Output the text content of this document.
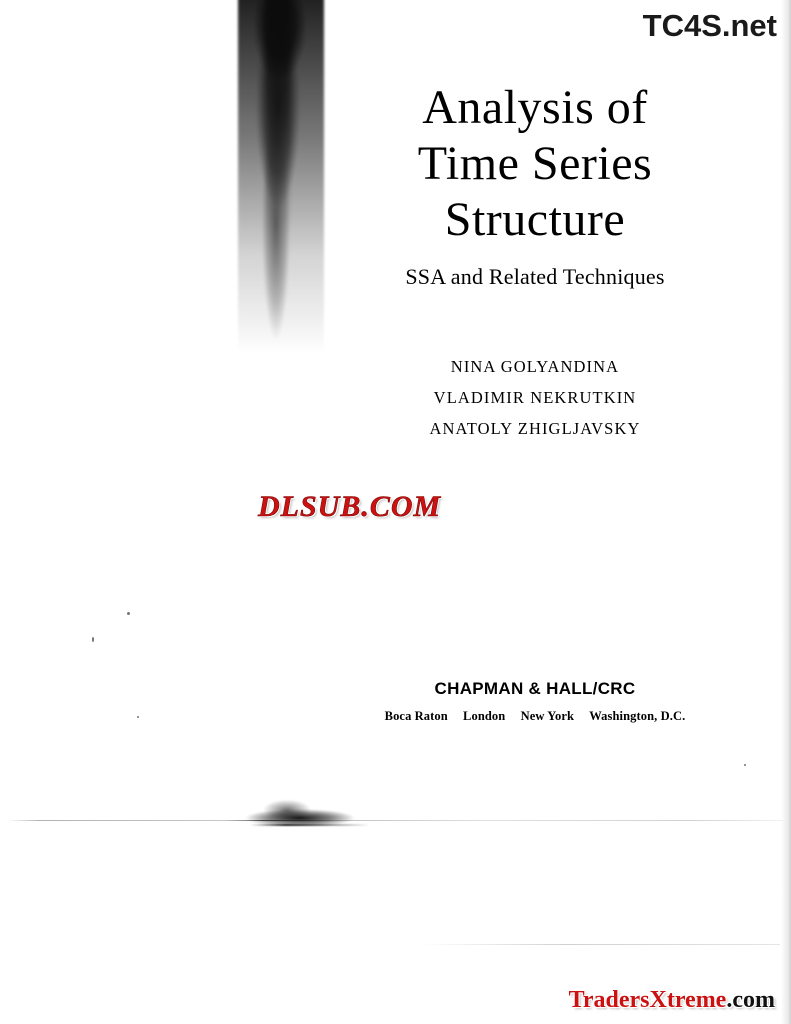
Analysis of
Time Series
Structure
SSA and Related Techniques
NINA GOLYANDINA
VLADIMIR NEKRUTKIN
ANATOLY ZHIGLJAVSKY
CHAPMAN & HALL/CRC
Boca Raton London New York Washington, D.C.
TC4S.net
DLSUB.COM
TradersXtreme.com
